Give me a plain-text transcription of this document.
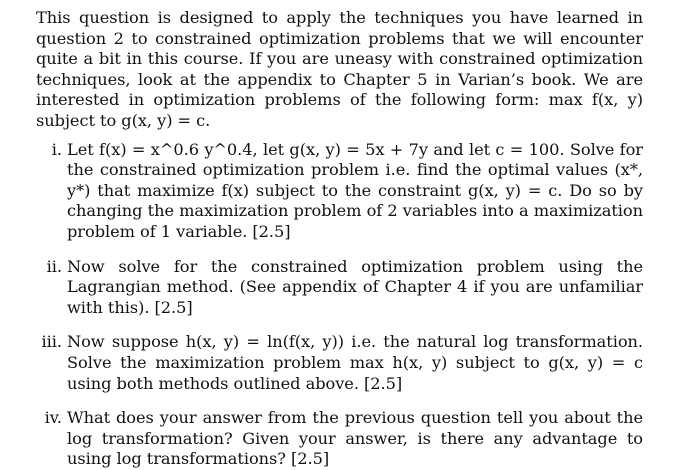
This question is designed to apply the techniques you have learned in question 2 to constrained optimization problems that we will encounter quite a bit in this course. If you are uneasy with constrained optimization techniques, look at the appendix to Chapter 5 in Varian’s book. We are interested in optimization problems of the following form: max f(x, y) subject to g(x, y) = c.

i. Let f(x) = x^0.6 y^0.4, let g(x, y) = 5x + 7y and let c = 100. Solve for the constrained optimization problem i.e. find the optimal values (x*, y*) that maximize f(x) subject to the constraint g(x, y) = c. Do so by changing the maximization problem of 2 variables into a maximization problem of 1 variable. [2.5]
ii. Now solve for the constrained optimization problem using the Lagrangian method. (See appendix of Chapter 4 if you are unfamiliar with this). [2.5]
iii. Now suppose h(x, y) = ln(f(x, y)) i.e. the natural log transformation. Solve the maximization problem max h(x, y) subject to g(x, y) = c using both methods outlined above. [2.5]
iv. What does your answer from the previous question tell you about the log transformation? Given your answer, is there any advantage to using log transformations? [2.5]
